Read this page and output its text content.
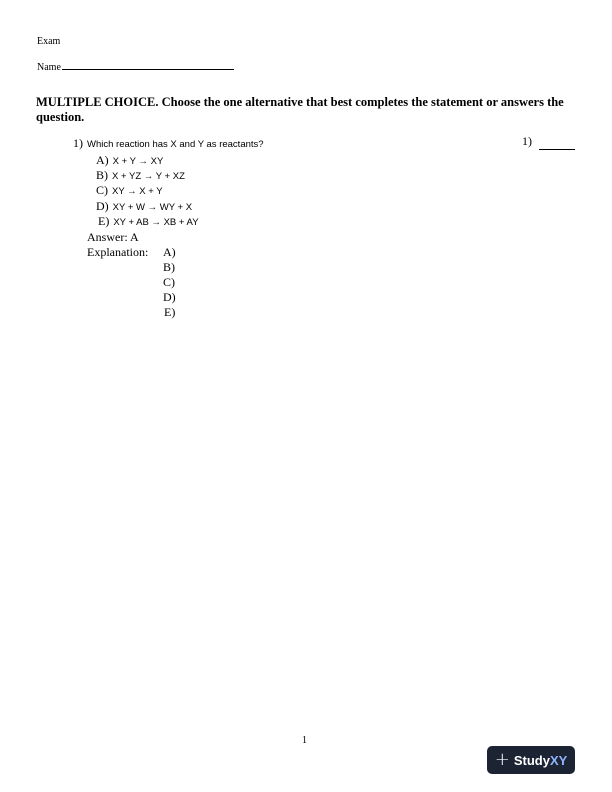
Exam
Name
MULTIPLE CHOICE. Choose the one alternative that best completes the statement or answers the question.
1) Which reaction has X and Y as reactants?	1)
A) X + Y → XY
B) X + YZ → Y + XZ
C) XY → X + Y
D) XY + W → WY + X
E) XY + AB → XB + AY
Answer: A
Explanation: A)
B)
C)
D)
E)
1
+ Study XY
